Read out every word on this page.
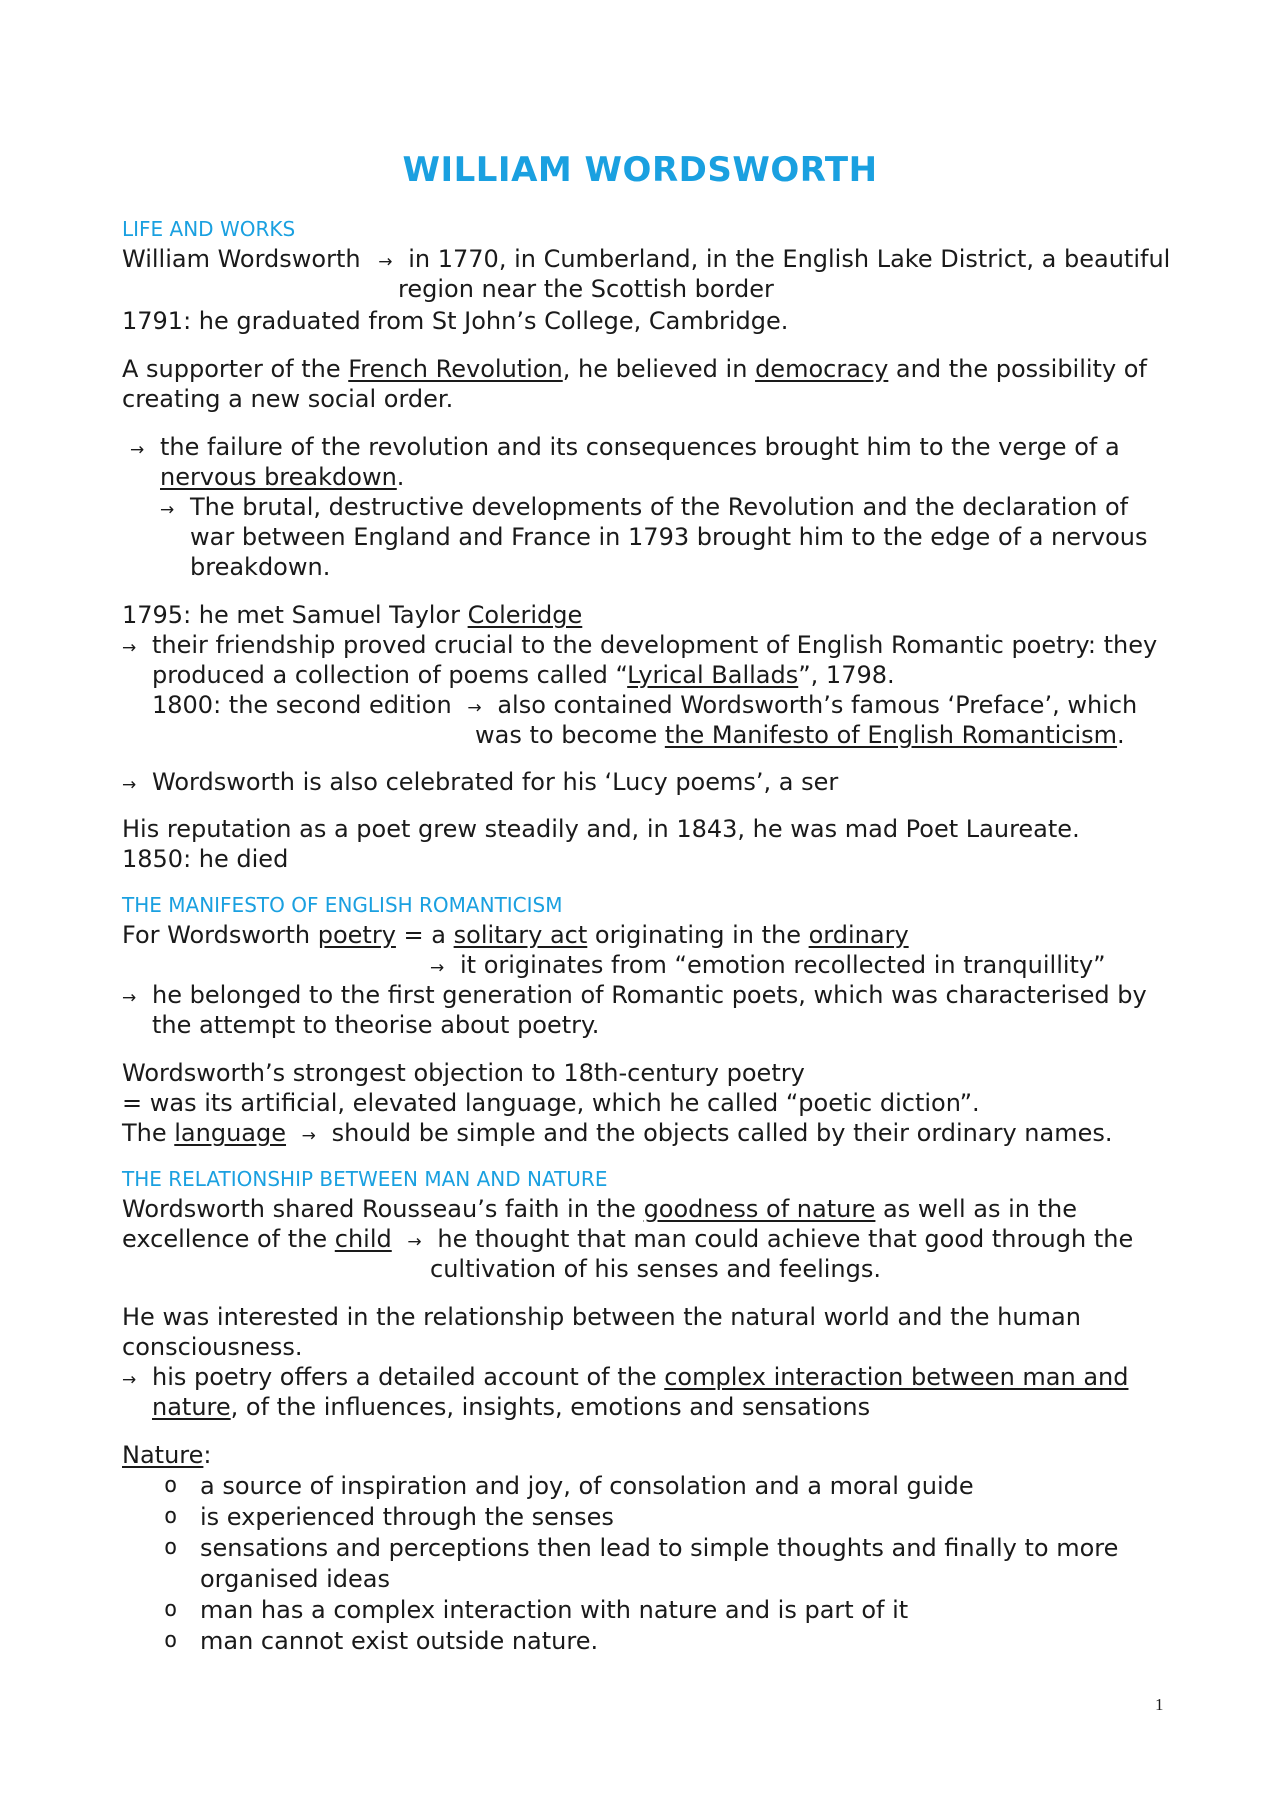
WILLIAM WORDSWORTH
LIFE AND WORKS
William Wordsworth → in 1770, in Cumberland, in the English Lake District, a beautiful
region near the Scottish border
1791: he graduated from St John’s College, Cambridge.
A supporter of the French Revolution, he believed in democracy and the possibility of
creating a new social order.
→ the failure of the revolution and its consequences brought him to the verge of a
nervous breakdown.
→ The brutal, destructive developments of the Revolution and the declaration of
war between England and France in 1793 brought him to the edge of a nervous
breakdown.
1795: he met Samuel Taylor Coleridge
→ their friendship proved crucial to the development of English Romantic poetry: they
produced a collection of poems called “Lyrical Ballads”, 1798.
1800: the second edition → also contained Wordsworth’s famous ‘Preface’, which
was to become the Manifesto of English Romanticism.
→ Wordsworth is also celebrated for his ‘Lucy poems’, a ser
His reputation as a poet grew steadily and, in 1843, he was mad Poet Laureate.
1850: he died
THE MANIFESTO OF ENGLISH ROMANTICISM
For Wordsworth poetry = a solitary act originating in the ordinary
→ it originates from “emotion recollected in tranquillity”
→ he belonged to the first generation of Romantic poets, which was characterised by
the attempt to theorise about poetry.
Wordsworth’s strongest objection to 18th-century poetry
= was its artificial, elevated language, which he called “poetic diction”.
The language → should be simple and the objects called by their ordinary names.
THE RELATIONSHIP BETWEEN MAN AND NATURE
Wordsworth shared Rousseau’s faith in the goodness of nature as well as in the
excellence of the child → he thought that man could achieve that good through the
cultivation of his senses and feelings.
He was interested in the relationship between the natural world and the human
consciousness.
→ his poetry offers a detailed account of the complex interaction between man and
nature, of the influences, insights, emotions and sensations
Nature:
o a source of inspiration and joy, of consolation and a moral guide
o is experienced through the senses
o sensations and perceptions then lead to simple thoughts and finally to more
organised ideas
o man has a complex interaction with nature and is part of it
o man cannot exist outside nature.
1
